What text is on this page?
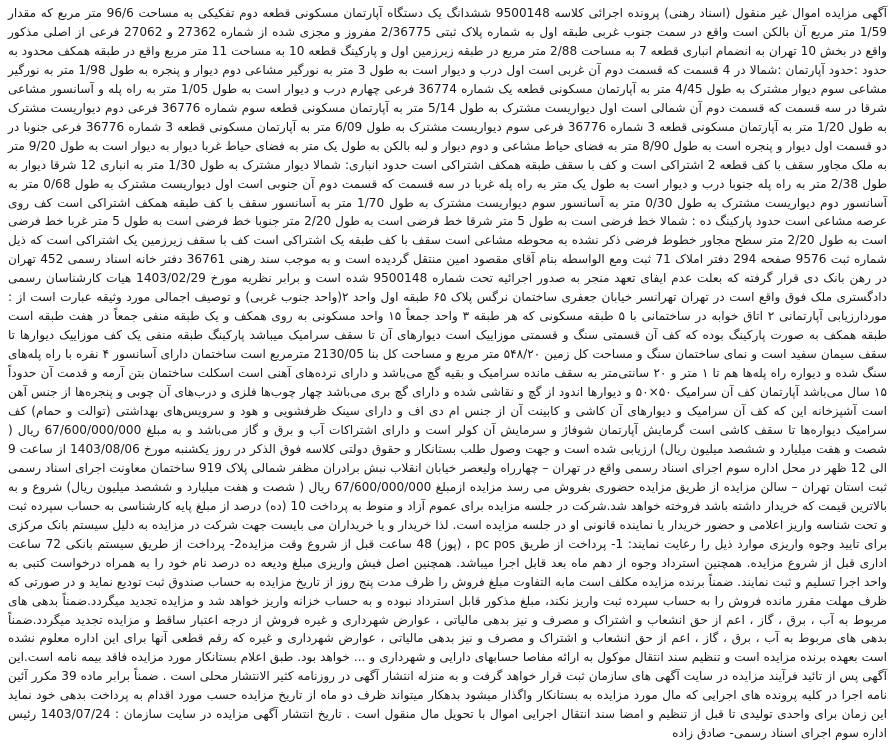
آگهی مزایده اموال غیر منقول (اسناد رهنی) پرونده اجرائی کلاسه 9500148 ششدانگ یک دستگاه آپارتمان مسکونی قطعه دوم تفکیکی به مساحت 96/6 متر مربع که مقدار 1/59 متر مربع آن بالکن است واقع در سمت جنوب غربی طبقه اول به شماره پلاک ثبتی 2/36775 مفروز و مجزی شده از شماره 27362 و 27062 فرعی از اصلی مذکور واقع در بخش 10 تهران به انضمام انباری قطعه 7 به مساحت 2/88 متر مربع در طبقه زیرزمین اول و پارکینگ قطعه 10 به مساحت 11 متر مربع واقع در طبقه همکف محدود به حدود :حدود آپارتمان :شمالا در 4 قسمت که قسمت دوم آن غربی است اول درب و دیوار است به طول 3 متر به نورگیر مشاعی دوم دیوار و پنجره به طول 1/98 متر به نورگیر مشاعی سوم دیوار مشترک به طول 4/45 متر به آپارتمان مسکونی قطعه یک شماره 36774 فرعی چهارم درب و دیوار است به طول 1/05 متر به راه پله و آسانسور مشاعی شرقا در سه قسمت که قسمت دوم آن شمالی است اول دیواریست مشترک به طول 5/14 متر به آپارتمان مسکونی قطعه سوم شماره 36776 فرعی دوم دیواریست مشترک به طول 1/20 متر به آپارتمان مسکونی قطعه 3 شماره 36776 فرعی سوم دیواریست مشترک به طول 6/09 متر به آپارتمان مسکونی قطعه 3 شماره 36776 فرعی جنوبا در دو قسمت اول دیوار و پنجره است به طول 8/90 متر به فضای حیاط مشاعی و دوم دیوار و لبه بالکن به طول یک متر به فضای حیاط غربا دیوار به دیوار است به طول 9/20 متر به ملک مجاور سقف با کف قطعه 2 اشتراکی است و کف با سقف طبقه همکف اشتراکی است حدود انباری: شمالا دیوار مشترک به طول 1/30 متر به انباری 12 شرقا دیوار به طول 2/38 متر به راه پله جنوبا درب و دیوار است به طول یک متر به راه پله غربا در سه قسمت که قسمت دوم آن جنوبی است اول دیواریست مشترک به طول 0/68 متر به آسانسور دوم دیواریست مشترک به طول 0/30 متر به آسانسور سوم دیواریست مشترک به طول 1/70 متر به آسانسور سقف با کف طبقه همکف اشتراکی است کف روی عرصه مشاعی است حدود پارکینگ ده : شمالا خط فرضی است به طول 5 متر شرقا خط فرضی است به طول 2/20 متر جنوبا خط فرضی است به طول 5 متر غربا خط فرضی است به طول 2/20 متر سطح مجاور خطوط فرضی ذکر نشده به محوطه مشاعی است سقف با کف طبقه یک اشتراکی است کف با سقف زیرزمین یک اشتراکی است که ذیل شماره ثبت 9576 صفحه 294 دفتر املاک 71 ثبت ومع الواسطه بنام آقای مقصود امین منتقل گردیده است و به موجب سند رهنی 36761 دفتر خانه اسناد رسمی 452 تهران در رهن بانک دی قرار گرفته که بعلت عدم ایفای تعهد منجر به صدور اجرائیه تحت شماره 9500148 شده است و برابر نظریه مورخ 1403/02/29 هیات کارشناسان رسمی دادگستری ملک فوق واقع است در تهران تهرانسر خیابان جعفری ساختمان نرگس پلاک ۶۵ طبقه اول واحد ۲(واحد جنوب غربی) و توصیف اجمالی مورد وثیقه عبارت است از : موردارزیابی آپارتمانی ۲ اتاق خوابه در ساختمانی با ۵ طبقه مسکونی که هر طبقه ۳ واحد جمعاً ۱۵ واحد مسکونی به روی همکف و یک طبقه منفی جمعاً در هفت طبقه است طبقه همکف به صورت پارکینگ بوده که کف آن قسمتی سنگ و قسمتی موزاییک است دیوارهای آن تا سقف سرامیک میباشد پارکینگ طبقه منفی یک کف موزاییک دیوارها تا سقف سیمان سفید است و نمای ساختمان سنگ و مساحت کل زمین ۵۴۸/۲۰ متر مربع و مساحت کل بنا 2130/05 مترمربع است ساختمان دارای آسانسور ۴ نفره با راه پله‌های سنگ شده و دیواره راه پله‌ها هم تا ۱ متر و ۲۰ سانتی‌متر به سقف مانده سرامیک و بقیه گچ می‌باشد و دارای نرده‌های آهنی است اسکلت ساختمان بتن آرمه و قدمت آن حدوداً ۱۵ سال می‌باشد آپارتمان کف آن سرامیک ۵۰×۵۰ و دیوارها اندود از گچ و نقاشی شده و دارای گچ بری می‌باشد چهار چوب‌ها فلزی و درب‌های آن چوبی و پنجره‌ها از جنس آهن است آشپزخانه این که کف آن سرامیک و دیوارهای آن کاشی و کابینت آن از جنس ام دی اف و دارای سینک ظرفشویی و هود و سرویس‌های بهداشتی (توالت و حمام) کف سرامیک دیواره‌ها تا سقف کاشی است گرمایش آپارتمان شوفاژ و سرمایش آن کولر است و دارای اشتراکات آب و برق و گاز می‌باشد و به مبلغ 67/600/000/000 ریال ( شصت و هفت میلیارد و ششصد میلیون ریال) ارزیابی شده است و جهت وصول طلب بستانکار و حقوق دولتی کلاسه فوق الذکر در روز یکشنبه مورخ 1403/08/06 از ساعت 9 الی 12 ظهر در محل اداره سوم اجرای اسناد رسمی واقع در تهران – چهارراه ولیعصر خیابان انقلاب نبش برادران مظفر شمالی پلاک 919 ساختمان معاونت اجرای اسناد رسمی ثبت استان تهران – سالن مزایده از طریق مزایده حضوری بفروش می رسد مزایده ازمبلغ 67/600/000/000 ریال ( شصت و هفت میلیارد و ششصد میلیون ریال) شروع و به بالاترین قیمت که خریدار داشته باشد فروخته خواهد شد.شرکت در جلسه مزایده برای عموم آزاد و منوط به پرداخت 10 (ده) درصد از مبلغ پایه کارشناسی به حساب سپرده ثبت و تحت شناسه واریز اعلامی و حضور خریدار یا نماینده قانونی او در جلسه مزایده است. لذا خریدار و یا خریداران می بایست جهت شرکت در مزایده به دلیل سیستم بانک مرکزی برای تایید وجوه واریزی موارد ذیل را رعایت نمایند: 1- پرداخت از طریق pc pos ، (پوز) 48 ساعت قبل از شروع وقت مزایده2- پرداخت از طریق سیستم بانکی 72 ساعت اداری قبل از شروع مزایده. همچنین استرداد وجوه از دهم ماه بعد قابل اجرا میباشد. همچنین اصل فیش واریزی مبلغ ودیعه ده درصد نام خود را به همراه درخواست کتبی به واحد اجرا تسلیم و ثبت نمایند. ضمناً برنده مزایده مکلف است مابه التفاوت مبلغ فروش را ظرف مدت پنج روز از تاریخ مزایده به حساب صندوق ثبت تودیع نماید و در صورتی که ظرف مهلت مقرر مانده فروش را به حساب سپرده ثبت واریز نکند، مبلغ مذکور قابل استرداد نبوده و به حساب خزانه واریز خواهد شد و مزایده تجدید میگردد.ضمناً بدهی های مربوط به آب ، برق ، گاز ، اعم از حق انشعاب و اشتراک و مصرف و نیز بدهی مالیاتی ، عوارض شهرداری و غیره فروش از درجه اعتبار ساقط و مزایده تجدید میگردد.ضمناً بدهی های مربوط به آب ، برق ، گاز ، اعم از حق انشعاب و اشتراک و مصرف و نیز بدهی مالیاتی ، عوارض شهرداری و غیره که رقم قطعی آنها برای این اداره معلوم نشده است بعهده برنده مزایده است و تنظیم سند انتقال موکول به ارائه مفاصا حسابهای دارایی و شهرداری و ... خواهد بود. طبق اعلام بستانکار مورد مزایده فاقد بیمه نامه است.این آگهی پس از تائید فرآیند مزایده در سایت آگهی های سازمان ثبت قرار خواهد گرفت و به منزله انتشار آگهی در روزنامه کثیر الانتشار محلی است . ضمناً برابر ماده 39 مکرر آئین نامه اجرا در کلیه پرونده های اجرایی که مال مورد مزایده به بستانکار واگذار میشود بدهکار میتواند ظرف دو ماه از تاریخ مزایده حسب مورد اقدام به پرداخت بدهی خود نماید این زمان برای واحدی تولیدی تا قبل از تنظیم و امضا سند انتقال اجرایی اموال با تحویل مال منقول است . تاریخ انتشار آگهی مزایده در سایت سازمان : 1403/07/24 رئیس اداره سوم اجرای اسناد رسمی- صادق زاده
